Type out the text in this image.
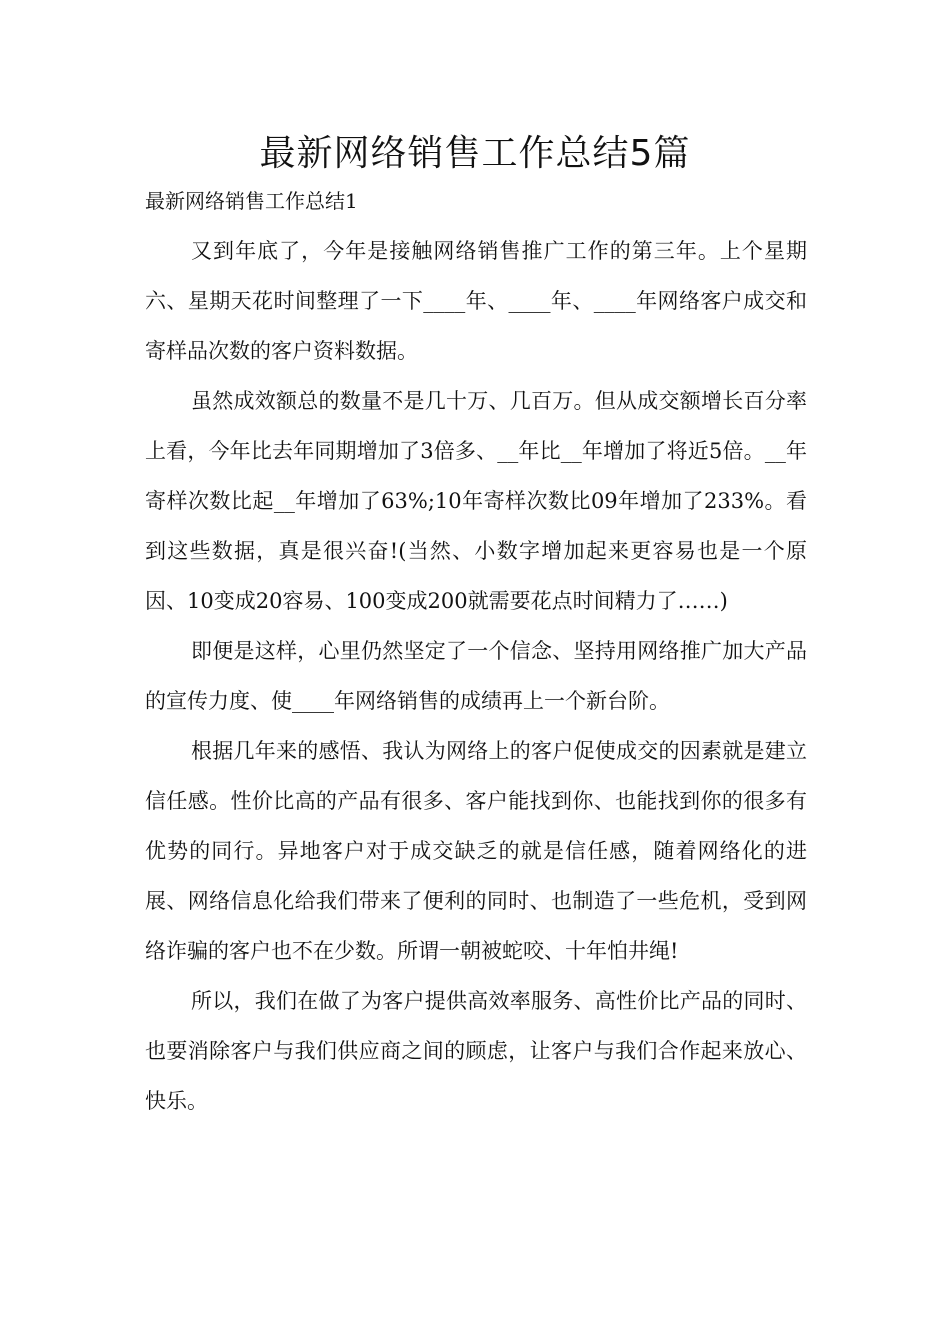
最新网络销售工作总结5篇

最新网络销售工作总结1

又到年底了，今年是接触网络销售推广工作的第三年。上个星期六、星期天花时间整理了一下____年、____年、____年网络客户成交和寄样品次数的客户资料数据。

虽然成效额总的数量不是几十万、几百万。但从成交额增长百分率上看，今年比去年同期增加了3倍多、__年比__年增加了将近5倍。__年寄样次数比起__年增加了63%;10年寄样次数比09年增加了233%。看到这些数据，真是很兴奋!(当然、小数字增加起来更容易也是一个原因、10变成20容易、100变成200就需要花点时间精力了……)

即便是这样，心里仍然坚定了一个信念、坚持用网络推广加大产品的宣传力度、使____年网络销售的成绩再上一个新台阶。

根据几年来的感悟、我认为网络上的客户促使成交的因素就是建立信任感。性价比高的产品有很多、客户能找到你、也能找到你的很多有优势的同行。异地客户对于成交缺乏的就是信任感，随着网络化的进展、网络信息化给我们带来了便利的同时、也制造了一些危机，受到网络诈骗的客户也不在少数。所谓一朝被蛇咬、十年怕井绳!

所以，我们在做了为客户提供高效率服务、高性价比产品的同时、也要消除客户与我们供应商之间的顾虑，让客户与我们合作起来放心、快乐。
